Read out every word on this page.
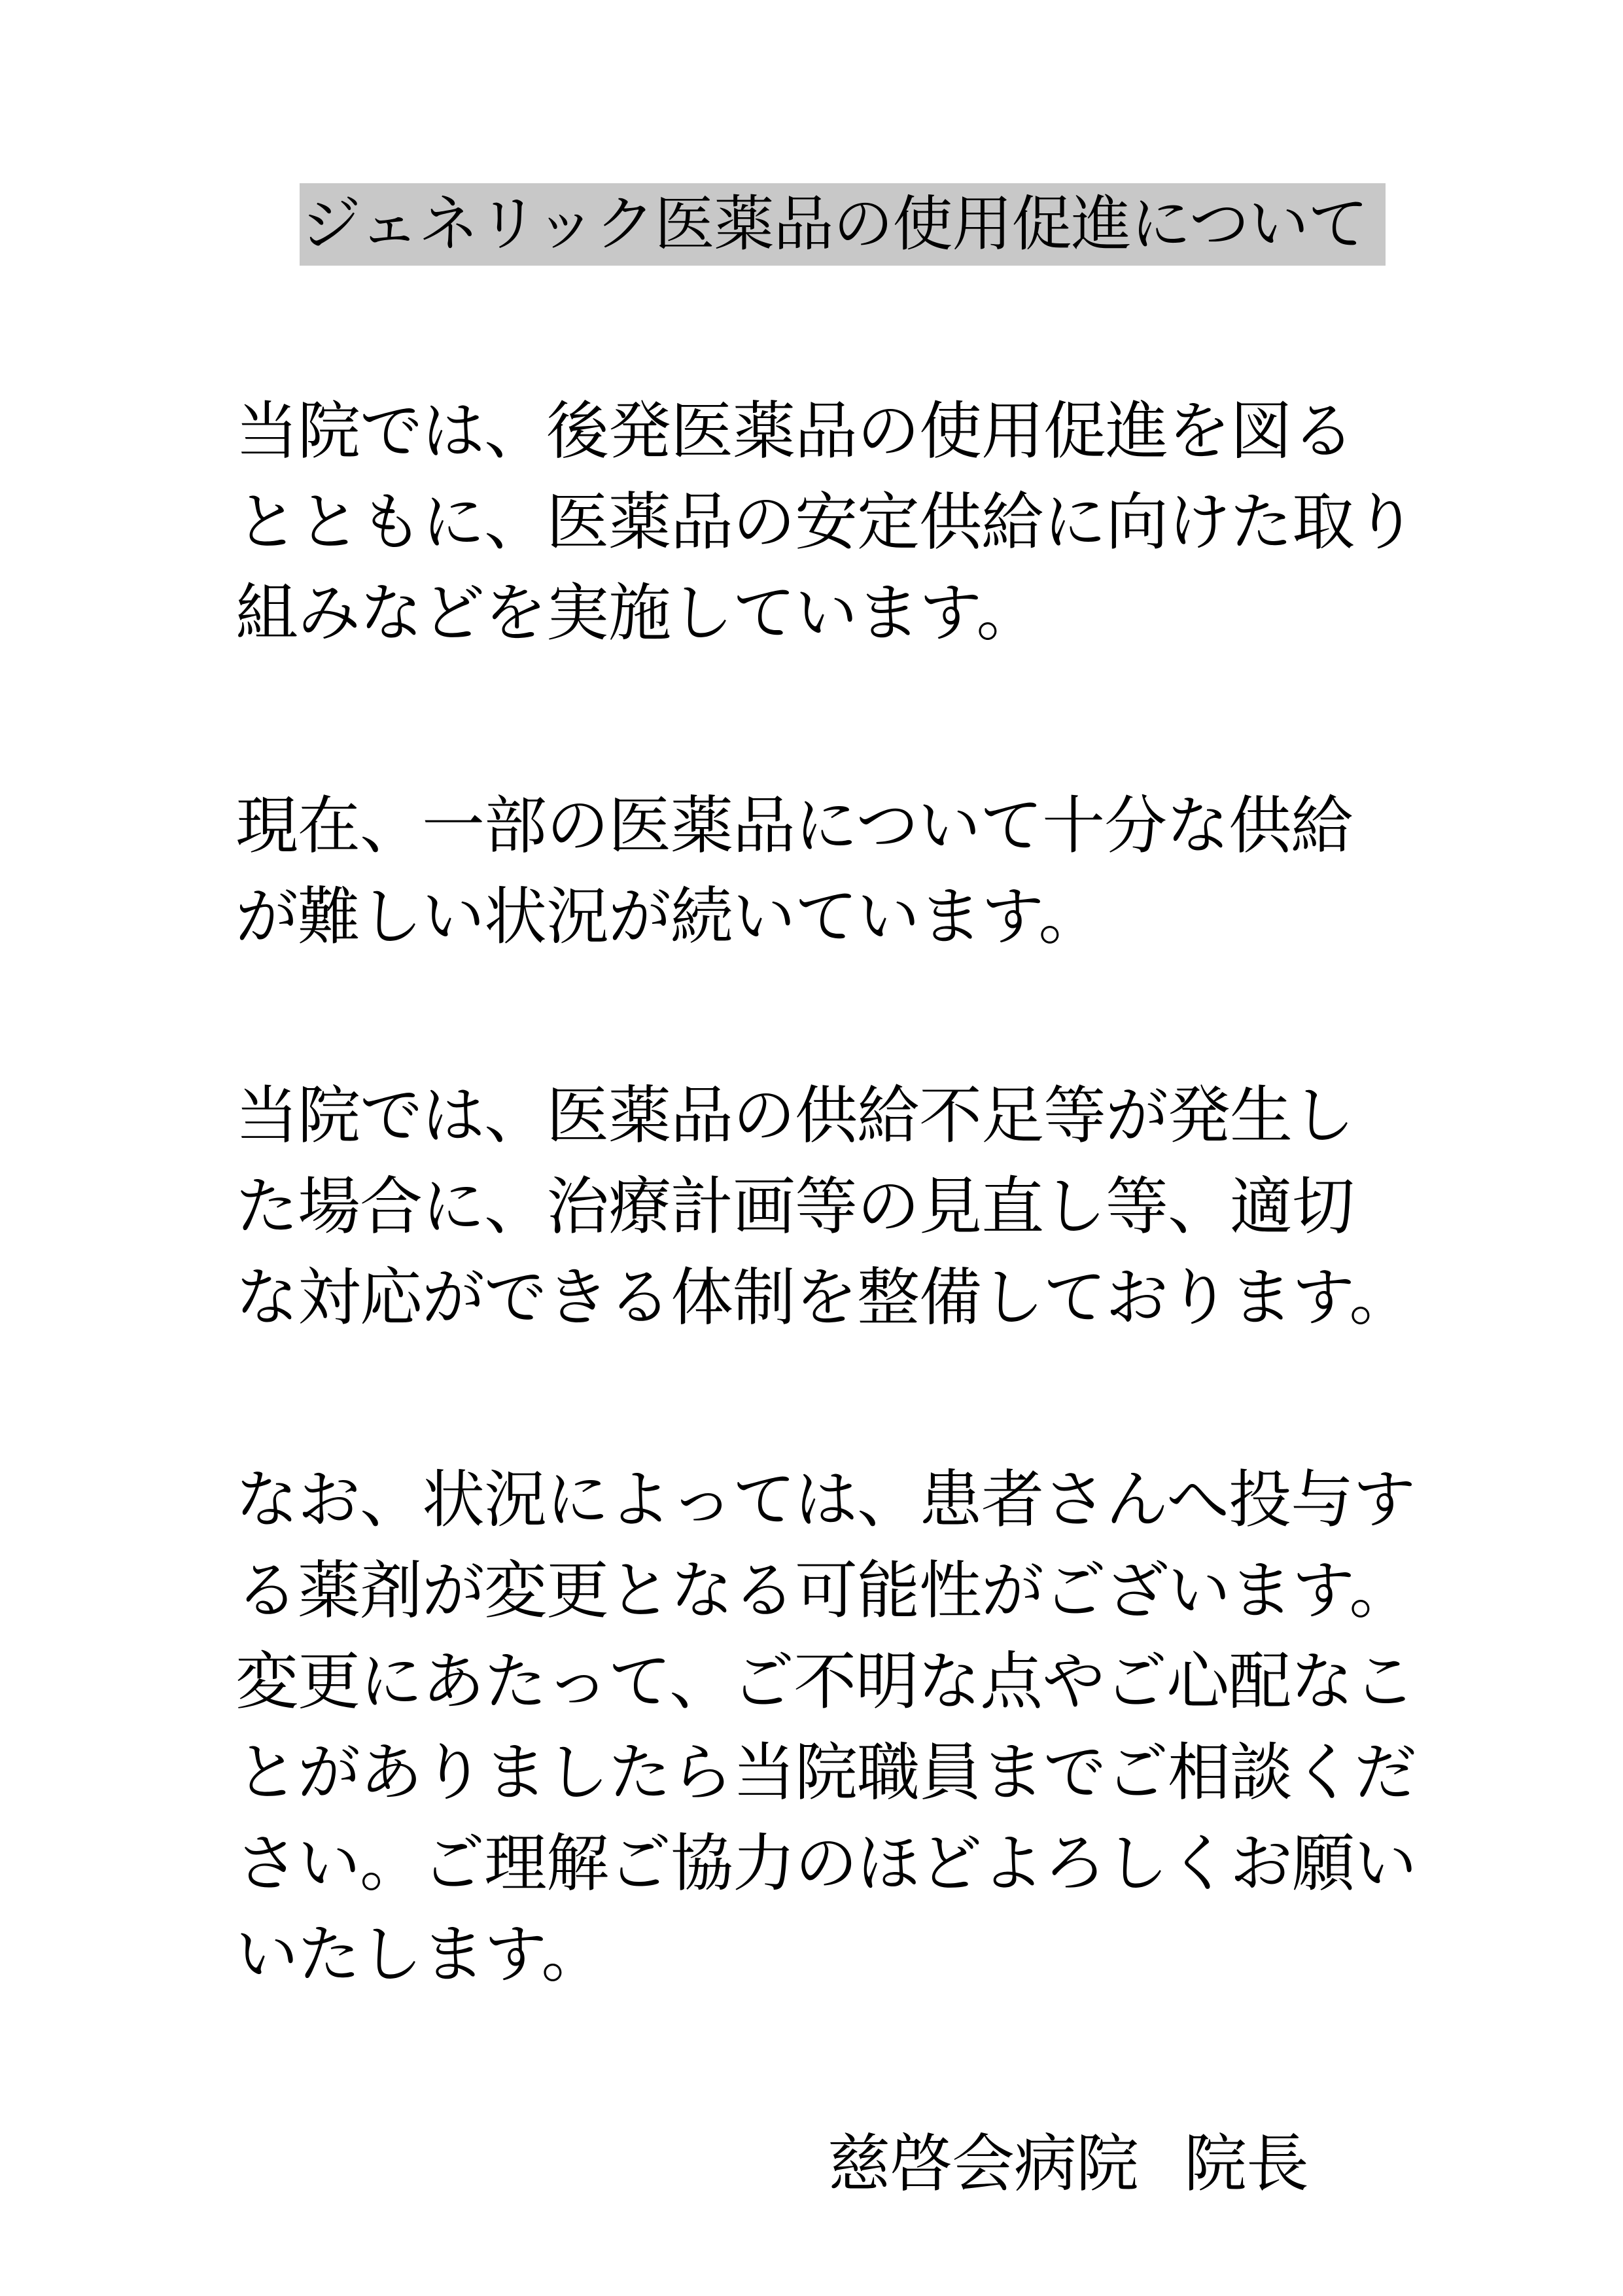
ジェネリック医薬品の使用促進について
当院では、後発医薬品の使用促進を図る
とともに、医薬品の安定供給に向けた取り
組みなどを実施しています。
現在、一部の医薬品について十分な供給
が難しい状況が続いています。
当院では、医薬品の供給不足等が発生し
た場合に、治療計画等の見直し等、適切
な対応ができる体制を整備しております。
なお、状況によっては、患者さんへ投与す
る薬剤が変更となる可能性がございます。
変更にあたって、ご不明な点やご心配なこ
とがありましたら当院職員までご相談くだ
さい。ご理解ご協力のほどよろしくお願い
いたします。
慈啓会病院 院長
